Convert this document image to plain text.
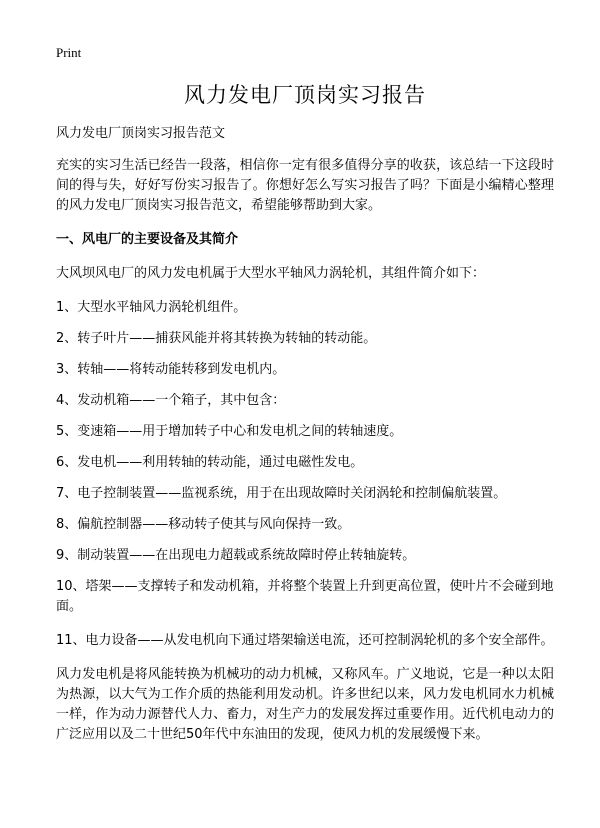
Print
风力发电厂顶岗实习报告

风力发电厂顶岗实习报告范文

充实的实习生活已经告一段落，相信你一定有很多值得分享的收获，该总结一下这段时间的得与失，好好写份实习报告了。你想好怎么写实习报告了吗？下面是小编精心整理的风力发电厂顶岗实习报告范文，希望能够帮助到大家。

一、风电厂的主要设备及其简介

大风坝风电厂的风力发电机属于大型水平轴风力涡轮机，其组件简介如下：

1、大型水平轴风力涡轮机组件。
2、转子叶片——捕获风能并将其转换为转轴的转动能。
3、转轴——将转动能转移到发电机内。
4、发动机箱——一个箱子，其中包含：
5、变速箱——用于增加转子中心和发电机之间的转轴速度。
6、发电机——利用转轴的转动能，通过电磁性发电。
7、电子控制装置——监视系统，用于在出现故障时关闭涡轮和控制偏航装置。
8、偏航控制器——移动转子使其与风向保持一致。
9、制动装置——在出现电力超载或系统故障时停止转轴旋转。
10、塔架——支撑转子和发动机箱，并将整个装置上升到更高位置，使叶片不会碰到地面。
11、电力设备——从发电机向下通过塔架输送电流，还可控制涡轮机的多个安全部件。

风力发电机是将风能转换为机械功的动力机械，又称风车。广义地说，它是一种以太阳为热源，以大气为工作介质的热能利用发动机。许多世纪以来，风力发电机同水力机械一样，作为动力源替代人力、畜力，对生产力的发展发挥过重要作用。近代机电动力的广泛应用以及二十世纪50年代中东油田的发现，使风力机的发展缓慢下来。
